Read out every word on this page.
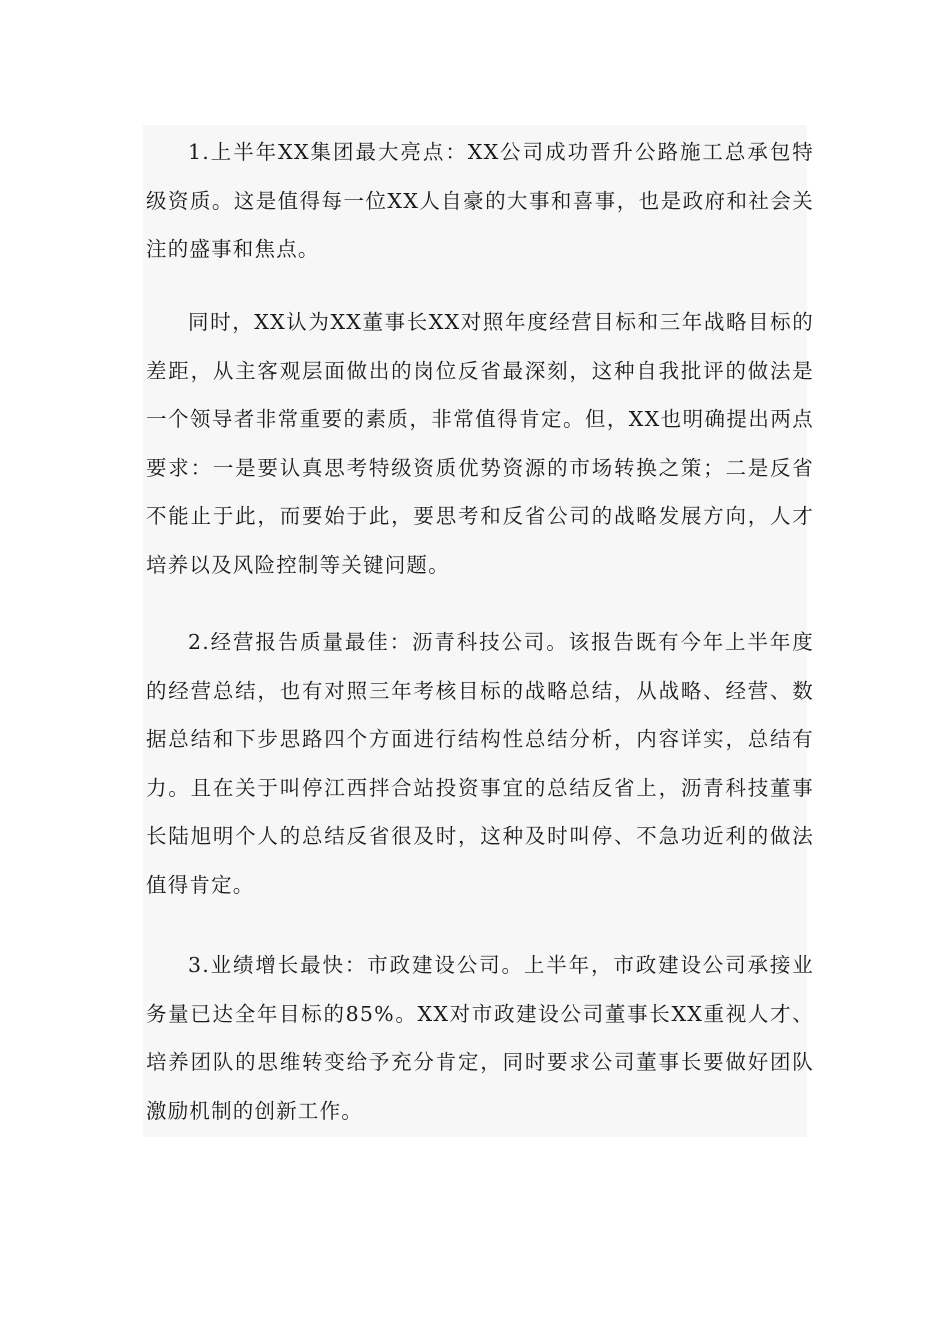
1.上半年XX集团最大亮点：XX公司成功晋升公路施工总承包特级资质。这是值得每一位XX人自豪的大事和喜事，也是政府和社会关注的盛事和焦点。

同时，XX认为XX董事长XX对照年度经营目标和三年战略目标的差距，从主客观层面做出的岗位反省最深刻，这种自我批评的做法是一个领导者非常重要的素质，非常值得肯定。但，XX也明确提出两点要求：一是要认真思考特级资质优势资源的市场转换之策；二是反省不能止于此，而要始于此，要思考和反省公司的战略发展方向，人才培养以及风险控制等关键问题。

2.经营报告质量最佳：沥青科技公司。该报告既有今年上半年度的经营总结，也有对照三年考核目标的战略总结，从战略、经营、数据总结和下步思路四个方面进行结构性总结分析，内容详实，总结有力。且在关于叫停江西拌合站投资事宜的总结反省上，沥青科技董事长陆旭明个人的总结反省很及时，这种及时叫停、不急功近利的做法值得肯定。

3.业绩增长最快：市政建设公司。上半年，市政建设公司承接业务量已达全年目标的85%。XX对市政建设公司董事长XX重视人才、培养团队的思维转变给予充分肯定，同时要求公司董事长要做好团队激励机制的创新工作。
